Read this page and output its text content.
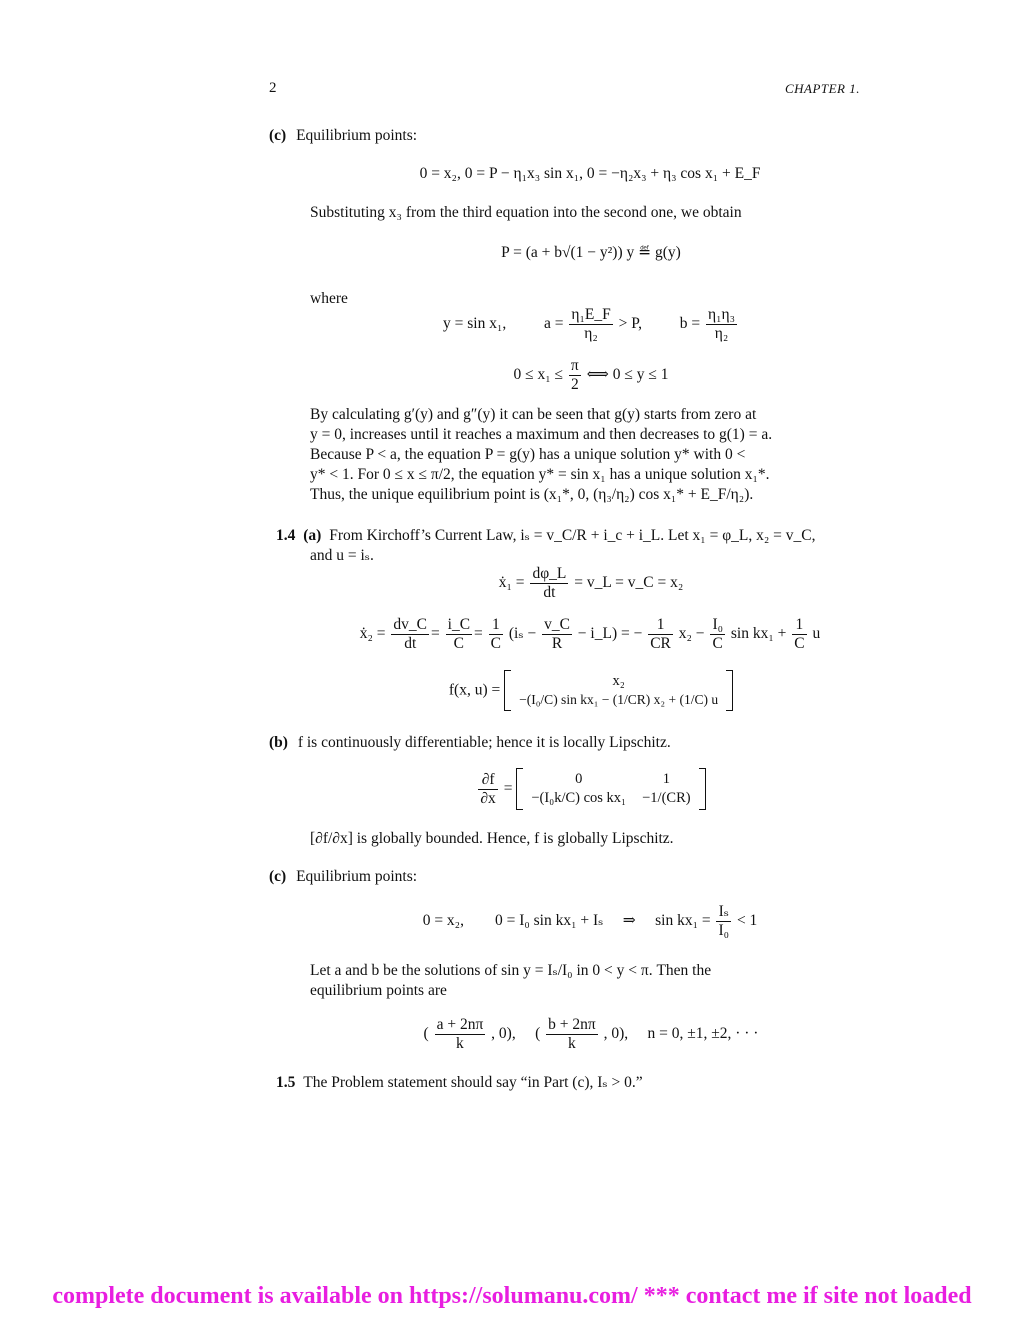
2	CHAPTER 1.
(c) Equilibrium points:
0 = x₂, 0 = P − η₁x₃ sin x₁, 0 = −η₂x₃ + η₃ cos x₁ + E_F
Substituting x₃ from the third equation into the second one, we obtain
P = (a + b√(1 − y²)) y ≝ g(y)
where
y = sin x₁, $a = \frac{\text{η₁E\_F}}{\text{η₂}} > P$, $b = \frac{\text{η₁η₃}}{\text{η₂}}$
$0 \le x_1 \le \frac{\pi}{2}$ ⟺ 0 ≤ y ≤ 1
By calculating g′(y) and g″(y) it can be seen that g(y) starts from zero at
y = 0, increases until it reaches a maximum and then decreases to g(1) = a.
Because P < a, the equation P = g(y) has a unique solution y* with 0 <
y* < 1. For 0 ≤ x ≤ π/2, the equation y* = sin x₁ has a unique solution x₁*.
Thus, the unique equilibrium point is (x₁*, 0, (η₃/η₂) cos x₁* + E_F/η₂).
1.4 (a) From Kirchoff’s Current Law, iₛ = v_C/R + i_c + i_L. Let x₁ = φ_L, x₂ = v_C,
and u = iₛ.
ẋ₁ = $\frac{d\varphi\_L}{dt}$ = v_L = v_C = x₂
ẋ₂ = $\frac{dv\_C}{dt} = \frac{i\_C}{C} = \frac{1}{C} (i_s - \frac{v\_C}{R}$ − i_L) = − $\frac{1}{CR} x_2 - \frac{\text{I₀}}{C}$ $\sin kx_1 + \frac{1}{C}$ u
f(x, u) =
x₂
−(I₀/C) sin kx₁ − (1/CR) x₂ + (1/C) u
(b) f is continuously differentiable; hence it is locally Lipschitz.
$\frac{\partial f}{\partial x}$ =
0	1
−(I₀k/C) cos kx₁	−1/(CR)
[∂f/∂x] is globally bounded. Hence, f is globally Lipschitz.
(c) Equilibrium points:
0 = x₂,        0 = I₀ sin kx₁ + Iₛ     ⇒     $\sin kx_1 = \frac{\text{Iₛ}}{\text{I₀}} < 1$
Let a and b be the solutions of sin y = Iₛ/I₀ in 0 < y < π. Then the
equilibrium points are
( $\frac{a + 2n\pi}{k}$ , 0),     ( $\frac{b + 2n\pi}{k}$ , 0),     n = 0, ±1, ±2, · · ·
1.5 The Problem statement should say “in Part (c), Iₛ > 0.”
complete document is available on https://solumanu.com/ *** contact me if site not loaded
